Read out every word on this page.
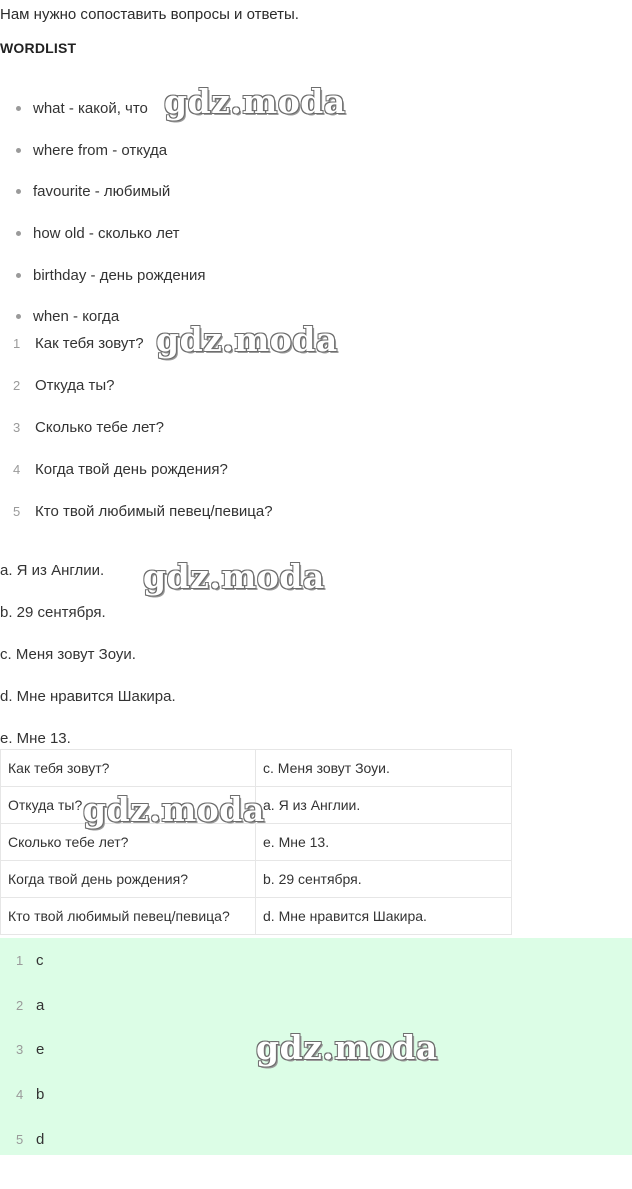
Нам нужно сопоставить вопросы и ответы.
WORDLIST
what - какой, что
where from - откуда
favourite - любимый
how old - сколько лет
birthday - день рождения
when - когда
1 Как тебя зовут?
2 Откуда ты?
3 Сколько тебе лет?
4 Когда твой день рождения?
5 Кто твой любимый певец/певица?
a. Я из Англии.
b. 29 сентября.
c. Меня зовут Зоуи.
d. Мне нравится Шакира.
e. Мне 13.
Как тебя зовут?	c. Меня зовут Зоуи.
Откуда ты?	a. Я из Англии.
Сколько тебе лет?	e. Мне 13.
Когда твой день рождения?	b. 29 сентября.
Кто твой любимый певец/певица?	d. Мне нравится Шакира.
1 c
2 a
3 e
4 b
5 d
gdz.moda
gdz.moda
gdz.moda
gdz.moda
gdz.moda
